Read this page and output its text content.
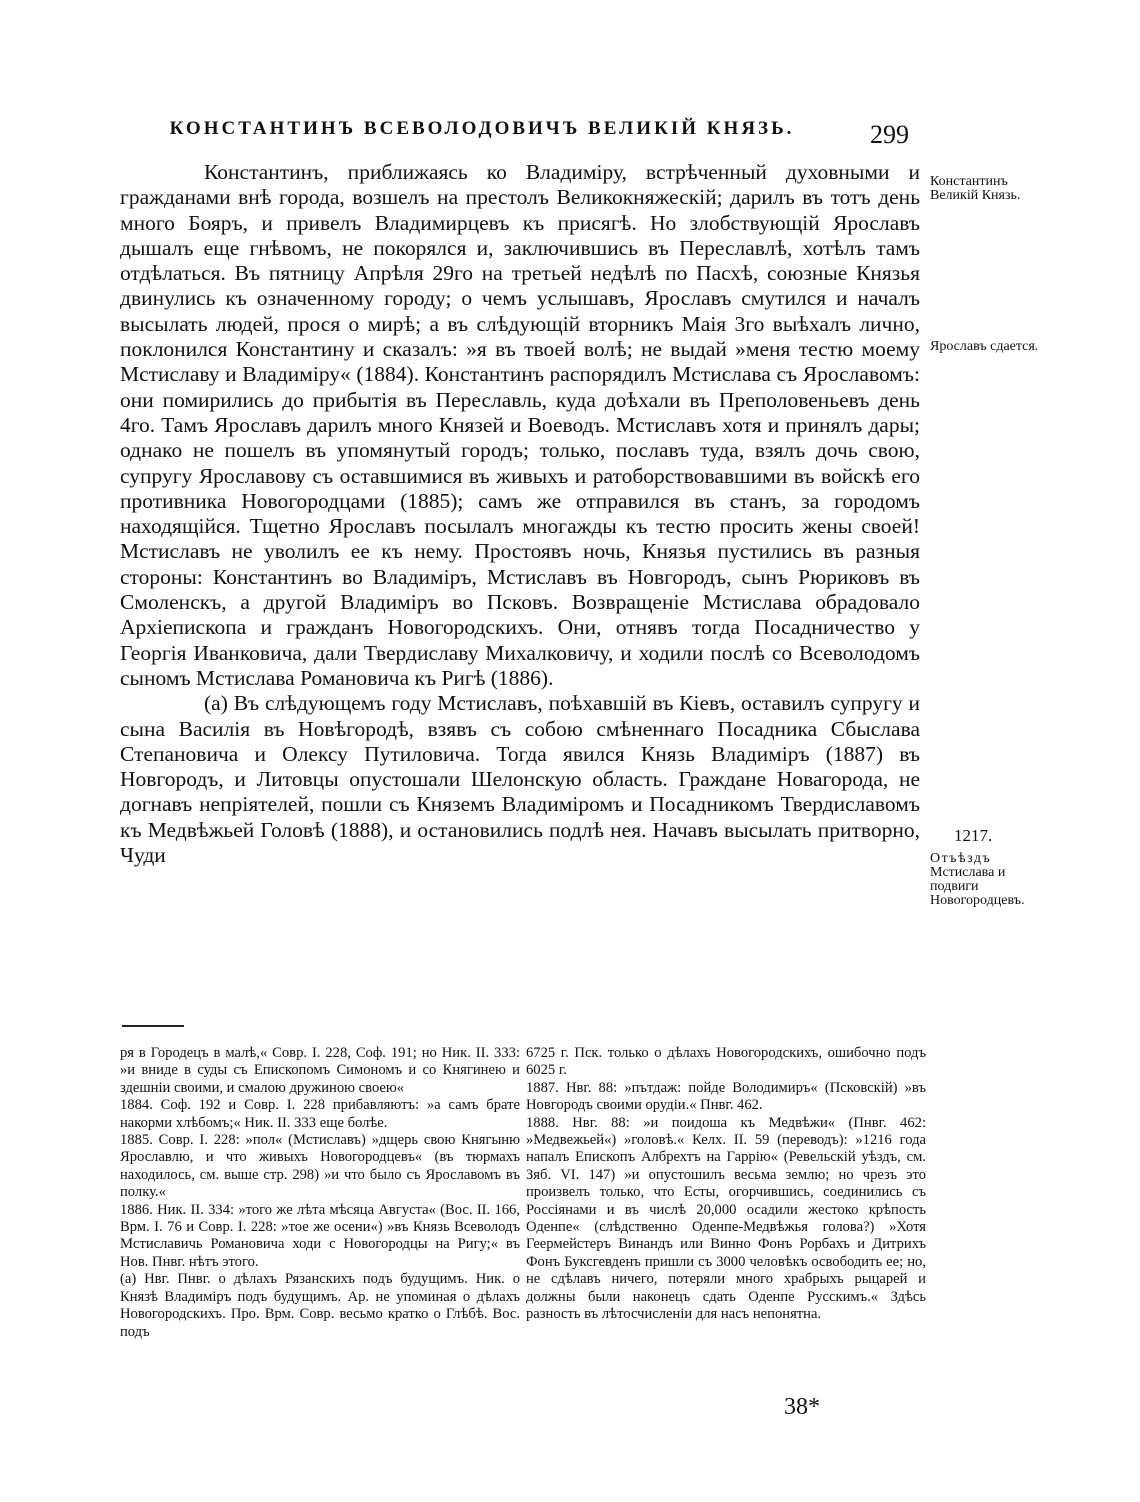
КОНСТАНТИНЪ ВСЕВОЛОДОВИЧЪ ВЕЛИКІЙ КНЯЗЬ.	299

Константинъ, приближаясь ко Владиміру, встрѣченный духовными и гражданами внѣ города, возшелъ на престолъ Великокняжескій; дарилъ въ тотъ день много Бояръ, и привелъ Владимирцевъ къ присягѣ. Но злобствующій Ярославъ дышалъ еще гнѣвомъ, не покорялся и, заключившись въ Переславлѣ, хотѣлъ тамъ отдѣлаться. Въ пятницу Апрѣля 29го на третьей недѣлѣ по Пасхѣ, союзные Князья двинулись къ означенному городу; о чемъ услышавъ, Ярославъ смутился и началъ высылать людей, прося о мирѣ; а въ слѣдующій вторникъ Маія 3го выѣхалъ лично, поклонился Константину и сказалъ: »я въ твоей волѣ; не выдай »меня тестю моему Мстиславу и Владиміру« (1884). Константинъ распорядилъ Мстислава съ Ярославомъ: они помирились до прибытія въ Переславль, куда доѣхали въ Преполовеньевъ день 4го. Тамъ Ярославъ дарилъ много Князей и Воеводъ. Мстиславъ хотя и принялъ дары; однако не пошелъ въ упомянутый городъ; только, пославъ туда, взялъ дочь свою, супругу Ярославову съ оставшимися въ живыхъ и ратоборствовавшими въ войскѣ его противника Новогородцами (1885); самъ же отправился въ станъ, за городомъ находящійся. Тщетно Ярославъ посылалъ многажды къ тестю просить жены своей! Мстиславъ не уволилъ ее къ нему. Простоявъ ночь, Князья пустились въ разныя стороны: Константинъ во Владиміръ, Мстиславъ въ Новгородъ, сынъ Рюриковъ въ Смоленскъ, а другой Владиміръ во Псковъ. Возвращеніе Мстислава обрадовало Архіепископа и гражданъ Новогородскихъ. Они, отнявъ тогда Посадничество у Георгія Иванковича, дали Твердиславу Михалковичу, и ходили послѣ со Всеволодомъ сыномъ Мстислава Романовича къ Ригѣ (1886).

(а) Въ слѣдующемъ году Мстиславъ, поѣхавшій въ Кіевъ, оставилъ супругу и сына Василія въ Новѣгородѣ, взявъ съ собою смѣненнаго Посадника Сбыслава Степановича и Олексу Путиловича. Тогда явился Князь Владиміръ (1887) въ Новгородъ, и Литовцы опустошали Шелонскую область. Граждане Новагорода, не догнавъ непріятелей, пошли съ Княземъ Владиміромъ и Посадникомъ Твердиславомъ къ Медвѣжьей Головѣ (1888), и остановились подлѣ нея. Начавъ высылать притворно, Чуди

Константинъ Великій Князь.
Ярославъ сдается.
1217.
Отъѣздъ
Мстислава и подвиги Новогородцевъ.

ря в Городецъ в малѣ,« Совр. I. 228, Соф. 191; но Ник. II. 333: »и вниде в суды съ Епископомъ Симономъ и со Княгинею и здешніи своими, и смалою дружиною своею«

1884. Соф. 192 и Совр. I. 228 прибавляютъ: »а самъ брате накорми хлѣбомъ;« Ник. II. 333 еще болѣе.

1885. Совр. I. 228: »пол« (Мстиславъ) »дщерь свою Княгыню Ярославлю, и что живыхъ Новогородцевъ« (въ тюрмахъ находилось, см. выше стр. 298) »и что было съ Ярославомъ въ полку.«

1886. Ник. II. 334: »того же лѣта мѣсяца Августа« (Вос. II. 166, Врм. I. 76 и Совр. I. 228: »тое же осени«) »въ Князь Всеволодъ Мстиславичь Романовича ходи с Новогородцы на Ригу;« въ Нов. Пнвг. нѣтъ этого.

(а) Нвг. Пнвг. о дѣлахъ Рязанскихъ подъ будущимъ. Ник. о Князѣ Владиміръ подъ будущимъ. Ар. не упоминая о дѣлахъ Новогородскихъ. Про. Врм. Совр. весьмо кратко о Глѣбѣ. Вос. подъ

6725 г. Пск. только о дѣлахъ Новогородскихъ, ошибочно подъ 6025 г.

1887. Нвг. 88: »пътдаж: пойде Володимиръ« (Псковскій) »въ Новгородъ своими орудіи.« Пнвг. 462.

1888. Нвг. 88: »и поидоша къ Медвѣжи« (Пнвг. 462: »Медвежьей«) »головѣ.« Келх. II. 59 (переводъ): »1216 года напалъ Епископъ Албрехтъ на Гаррію« (Ревельскій уѣздъ, см. Зяб. VI. 147) »и опустошилъ весьма землю; но чрезъ это произвелъ только, что Есты, огорчившись, соединились съ Россіянами и въ числѣ 20,000 осадили жестоко крѣпость Оденпе« (слѣдственно Оденпе-Медвѣжья голова?) »Хотя Геермейстеръ Винандъ или Винно Фонъ Рорбахъ и Дитрихъ Фонъ Буксгевденъ пришли съ 3000 человѣкъ освободить ее; но, не сдѣлавъ ничего, потеряли много храбрыхъ рыцарей и должны были наконецъ сдать Оденпе Русскимъ.« Здѣсь разность въ лѣтосчисленіи для насъ непонятна.

38*
